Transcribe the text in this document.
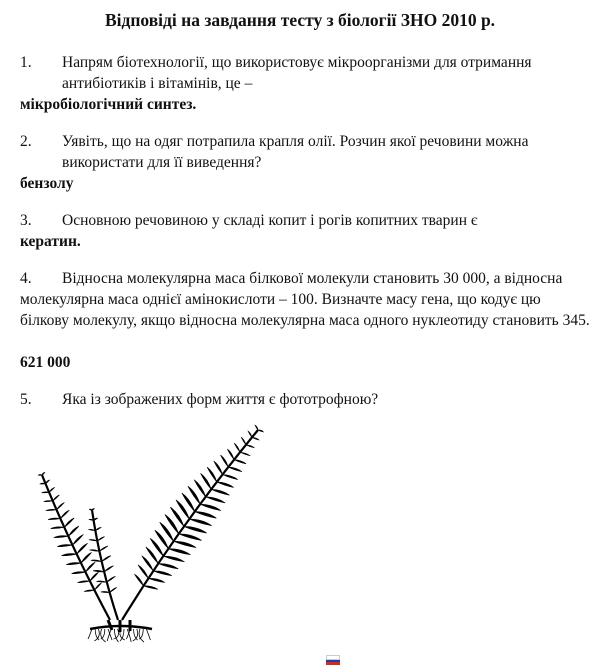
Відповіді на завдання тесту з біології ЗНО 2010 р.
1.	Напрям біотехнології, що використовує мікроорганізми для отримання антибіотиків і вітамінів, це –
мікробіологічний синтез.
2.	Уявіть, що на одяг потрапила крапля олії. Розчин якої речовини можна використати для її виведення?
бензолу
3.	Основною речовиною у складі копит і рогів копитних тварин є
кератин.
4.	Відносна молекулярна маса білкової молекули становить 30 000, а відносна молекулярна маса однієї амінокислоти – 100. Визначте масу гена, що кодує цю білкову молекулу, якщо відносна молекулярна маса одного нуклеотиду становить 345.
621 000
5.	Яка із зображених форм життя є фототрофною?
